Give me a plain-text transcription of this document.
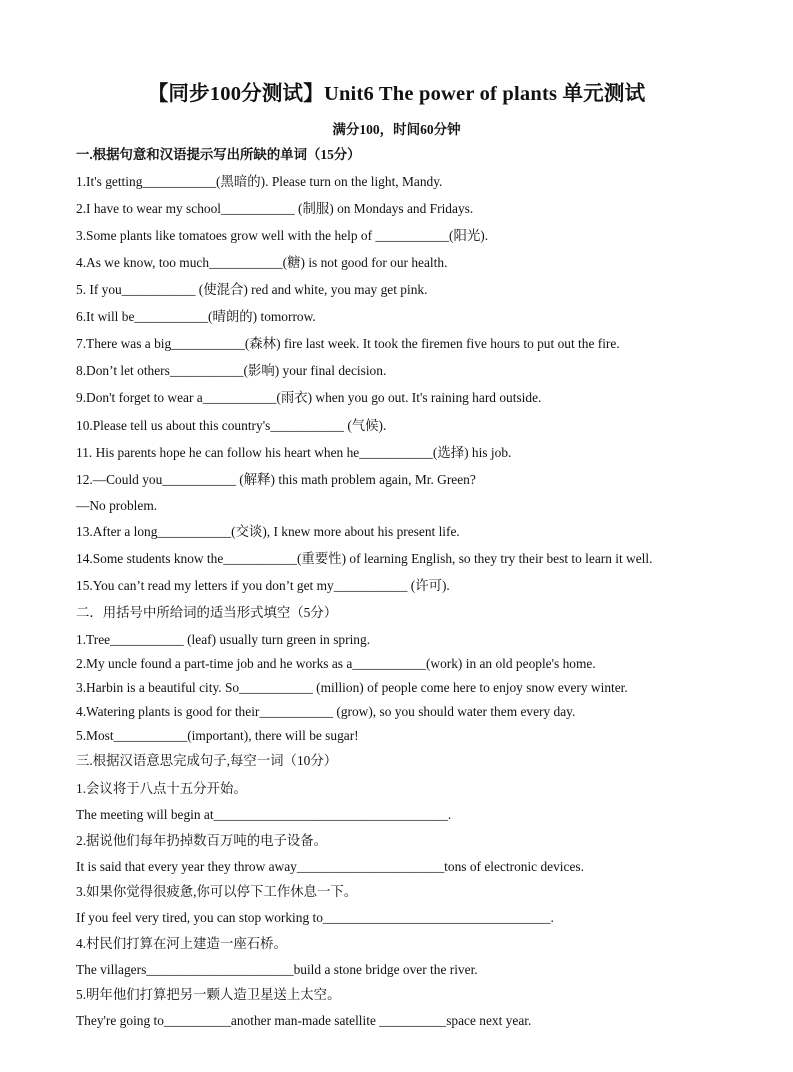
【同步100分测试】Unit6 The power of plants 单元测试
满分100，时间60分钟
一.根据句意和汉语提示写出所缺的单词（15分）
1.It's getting___________(黑暗的). Please turn on the light, Mandy.
2.I have to wear my school___________ (制服) on Mondays and Fridays.
3.Some plants like tomatoes grow well with the help of ___________(阳光).
4.As we know, too much___________(糖) is not good for our health.
5. If you___________ (使混合) red and white, you may get pink.
6.It will be___________(晴朗的) tomorrow.
7.There was a big___________(森林) fire last week. It took the firemen five hours to put out the fire.
8.Don’t let others___________(影响) your final decision.
9.Don't forget to wear a___________(雨衣) when you go out. It's raining hard outside.
10.Please tell us about this country's___________ (气候).
11. His parents hope he can follow his heart when he___________(选择) his job.
12.—Could you___________ (解释) this math problem again, Mr. Green?
—No problem.
13.After a long___________(交谈), I knew more about his present life.
14.Some students know the___________(重要性) of learning English, so they try their best to learn it well.
15.You can’t read my letters if you don’t get my___________ (许可).
二．用括号中所给词的适当形式填空（5分）
1.Tree___________ (leaf) usually turn green in spring.
2.My uncle found a part-time job and he works as a___________(work) in an old people's home.
3.Harbin is a beautiful city. So___________ (million) of people come here to enjoy snow every winter.
4.Watering plants is good for their___________ (grow), so you should water them every day.
5.Most___________(important), there will be sugar!
三.根据汉语意思完成句子,每空一词（10分）
1.会议将于八点十五分开始。
The meeting will begin at___________________________________.
2.据说他们每年扔掉数百万吨的电子设备。
It is said that every year they throw away______________________tons of electronic devices.
3.如果你觉得很疲惫,你可以停下工作休息一下。
If you feel very tired, you can stop working to__________________________________.
4.村民们打算在河上建造一座石桥。
The villagers______________________build a stone bridge over the river.
5.明年他们打算把另一颗人造卫星送上太空。
They're going to__________another man-made satellite __________space next year.
